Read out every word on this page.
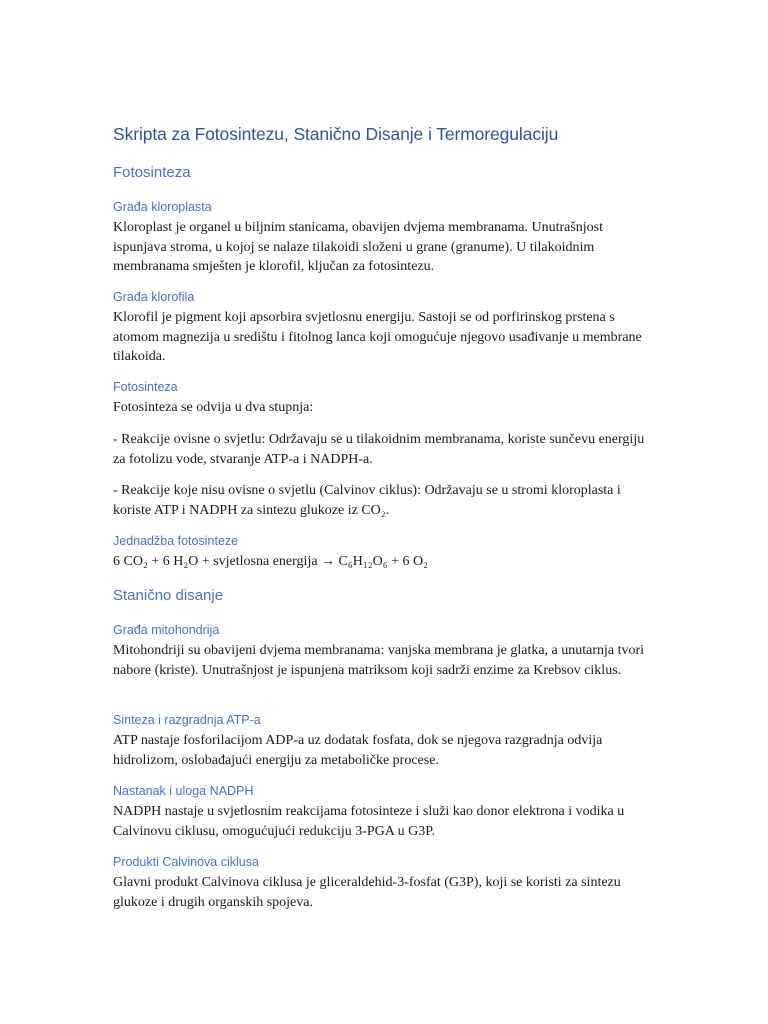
Skripta za Fotosintezu, Stanično Disanje i Termoregulaciju
Fotosinteza
Građa kloroplasta

Kloroplast je organel u biljnim stanicama, obavijen dvjema membranama. Unutrašnjost ispunjava stroma, u kojoj se nalaze tilakoidi složeni u grane (granume). U tilakoidnim membranama smješten je klorofil, ključan za fotosintezu.

Građa klorofila

Klorofil je pigment koji apsorbira svjetlosnu energiju. Sastoji se od porfirinskog prstena s atomom magnezija u središtu i fitolnog lanca koji omogućuje njegovo usađivanje u membrane tilakoida.

Fotosinteza

Fotosinteza se odvija u dva stupnja:

- Reakcije ovisne o svjetlu: Održavaju se u tilakoidnim membranama, koriste sunčevu energiju za fotolizu vode, stvaranje ATP-a i NADPH-a.

- Reakcije koje nisu ovisne o svjetlu (Calvinov ciklus): Održavaju se u stromi kloroplasta i koriste ATP i NADPH za sintezu glukoze iz CO₂.

Jednadžba fotosinteze

6 CO₂ + 6 H₂O + svjetlosna energija → C₆H₁₂O₆ + 6 O₂

Stanično disanje
Građa mitohondrija

Mitohondriji su obavijeni dvjema membranama: vanjska membrana je glatka, a unutarnja tvori nabore (kriste). Unutrašnjost je ispunjena matriksom koji sadrži enzime za Krebsov ciklus.

Sinteza i razgradnja ATP-a

ATP nastaje fosforilacijom ADP-a uz dodatak fosfata, dok se njegova razgradnja odvija hidrolizom, oslobađajući energiju za metaboličke procese.

Nastanak i uloga NADPH

NADPH nastaje u svjetlosnim reakcijama fotosinteze i služi kao donor elektrona i vodika u Calvinovu ciklusu, omogućujući redukciju 3-PGA u G3P.

Produkti Calvinova ciklusa

Glavni produkt Calvinova ciklusa je gliceraldehid-3-fosfat (G3P), koji se koristi za sintezu glukoze i drugih organskih spojeva.
